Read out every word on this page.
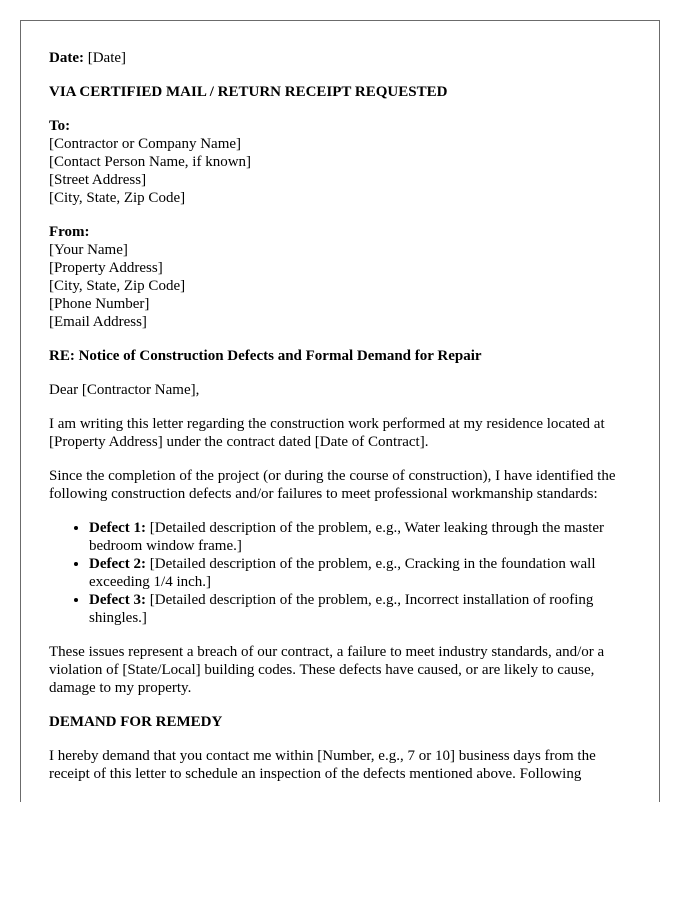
Date: [Date]
VIA CERTIFIED MAIL / RETURN RECEIPT REQUESTED
To:
[Contractor or Company Name]
[Contact Person Name, if known]
[Street Address]
[City, State, Zip Code]
From:
[Your Name]
[Property Address]
[City, State, Zip Code]
[Phone Number]
[Email Address]
RE: Notice of Construction Defects and Formal Demand for Repair

Dear [Contractor Name],

I am writing this letter regarding the construction work performed at my residence located at [Property Address] under the contract dated [Date of Contract].

Since the completion of the project (or during the course of construction), I have identified the following construction defects and/or failures to meet professional workmanship standards:

• Defect 1: [Detailed description of the problem, e.g., Water leaking through the master bedroom window frame.]
• Defect 2: [Detailed description of the problem, e.g., Cracking in the foundation wall exceeding 1/4 inch.]
• Defect 3: [Detailed description of the problem, e.g., Incorrect installation of roofing shingles.]

These issues represent a breach of our contract, a failure to meet industry standards, and/or a violation of [State/Local] building codes. These defects have caused, or are likely to cause, damage to my property.

DEMAND FOR REMEDY

I hereby demand that you contact me within [Number, e.g., 7 or 10] business days from the receipt of this letter to schedule an inspection of the defects mentioned above. Following
